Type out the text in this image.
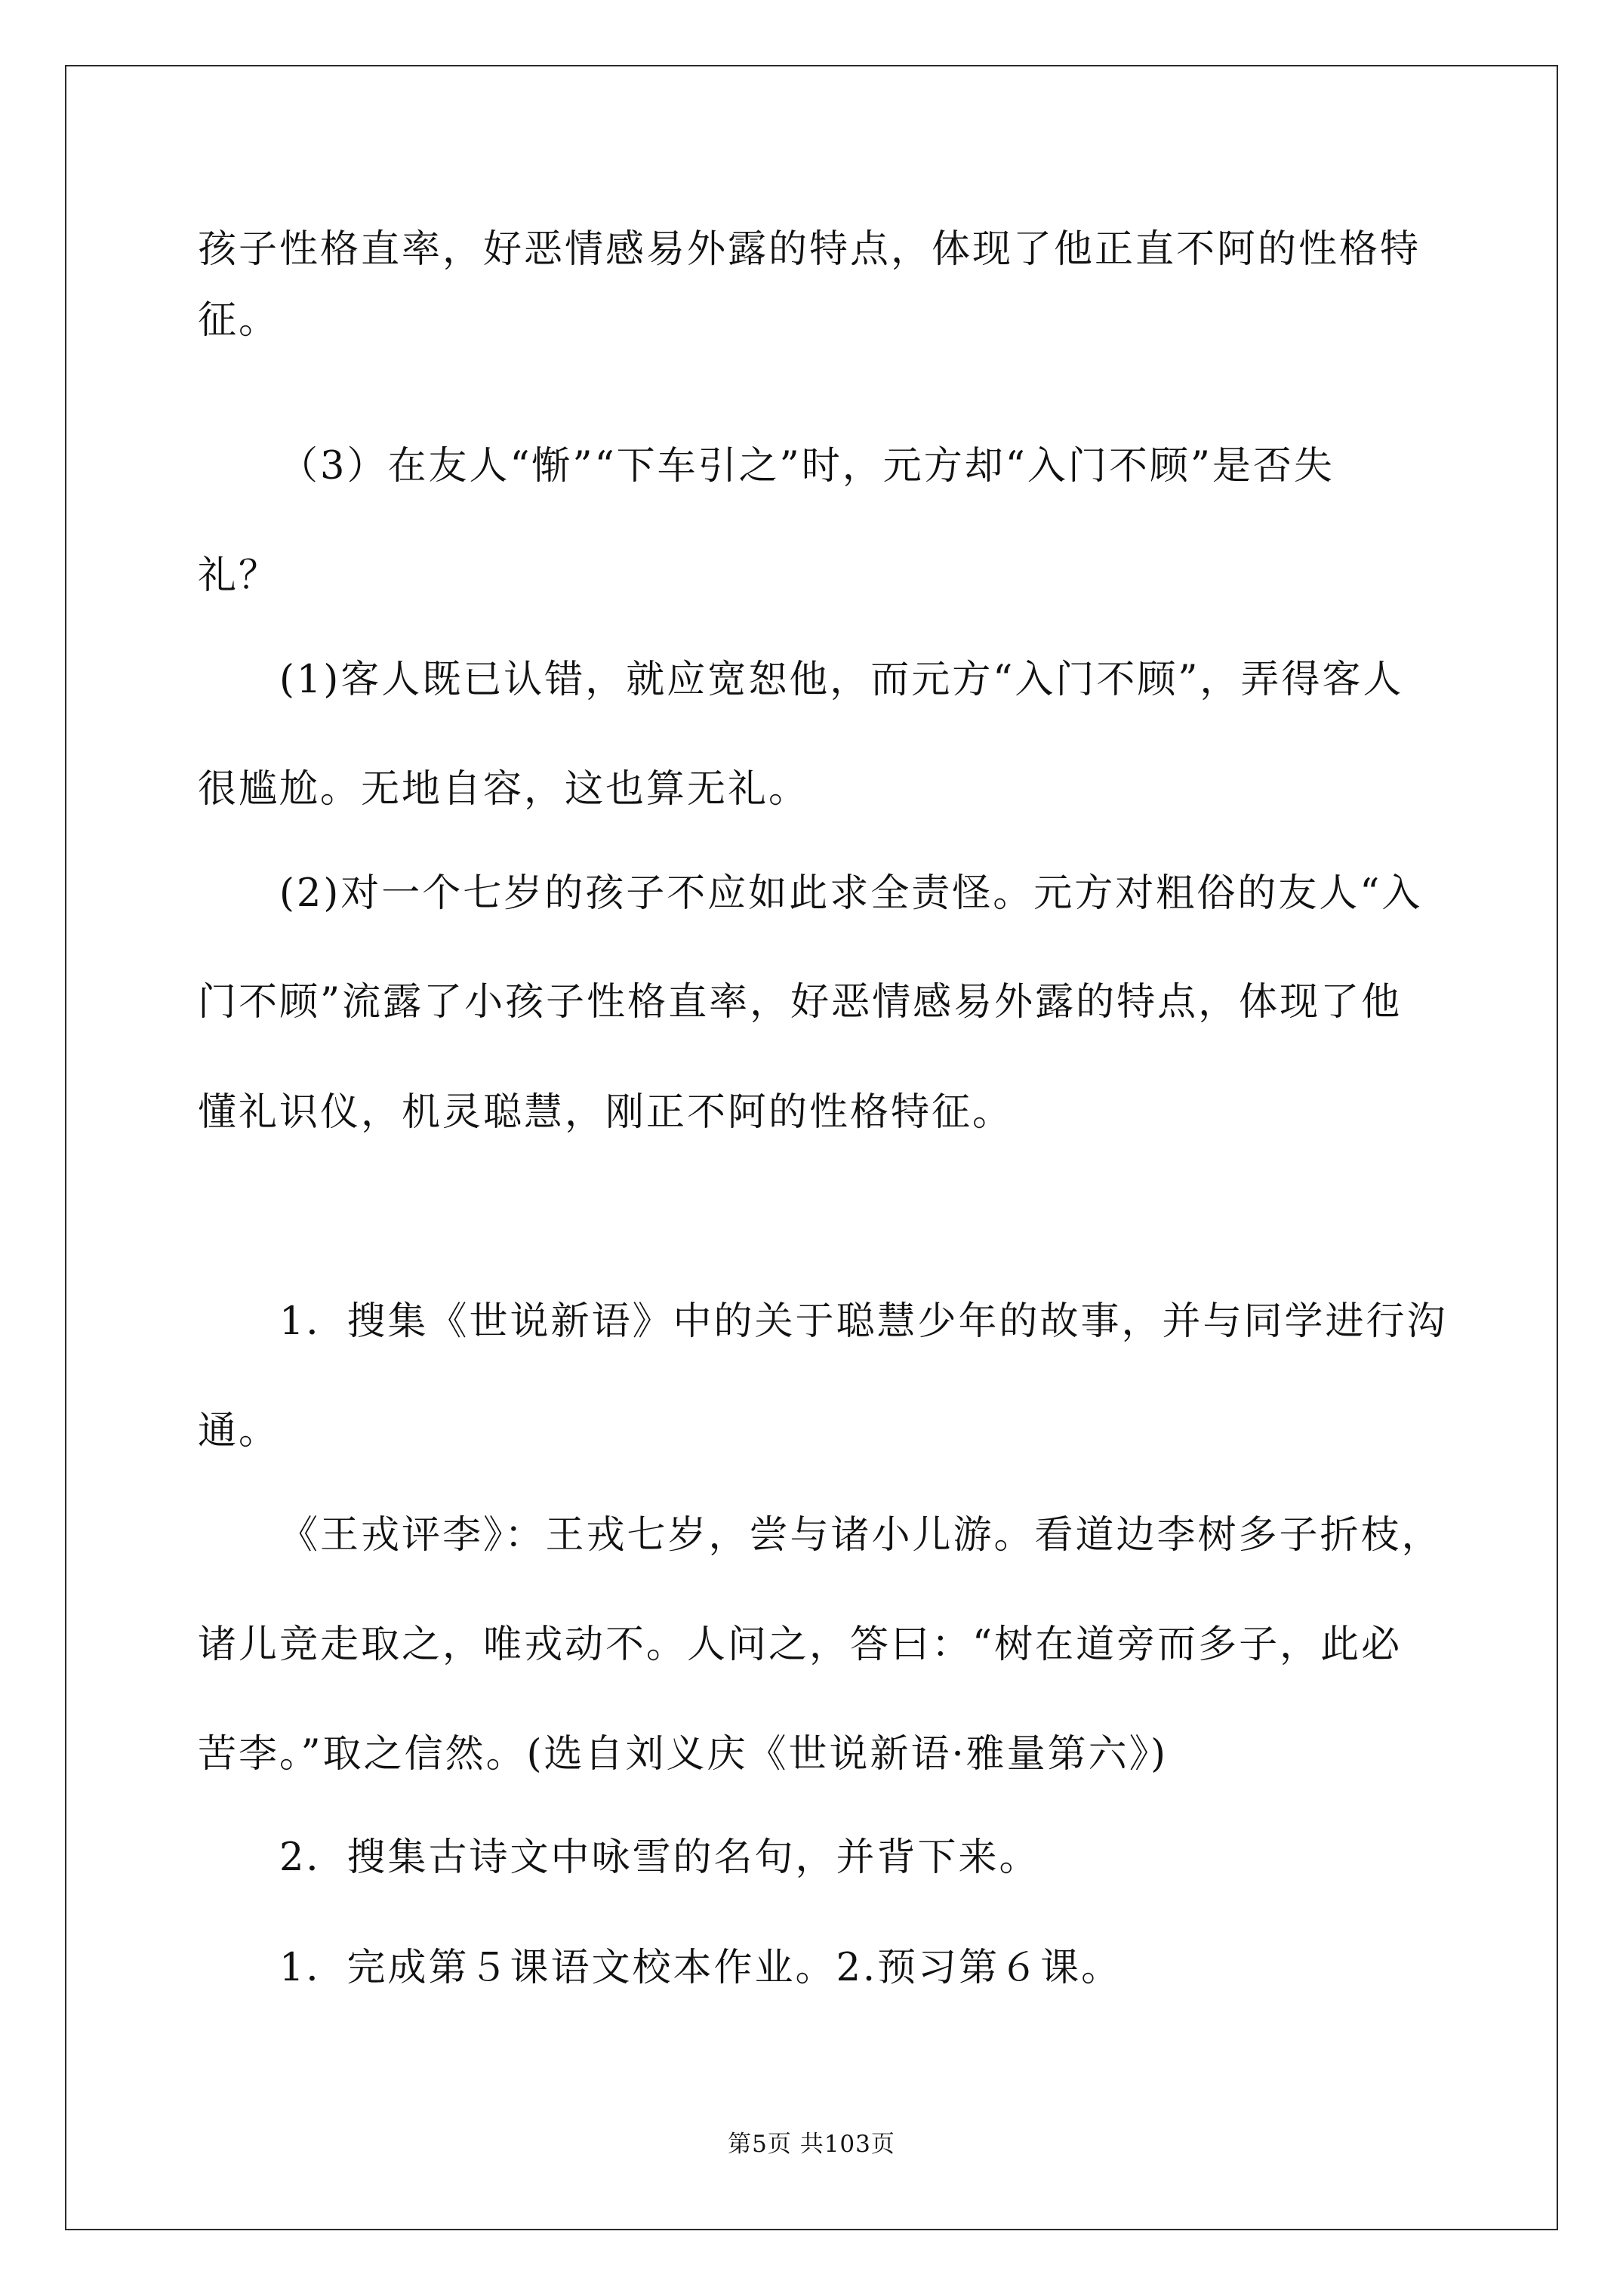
孩子性格直率，好恶情感易外露的特点，体现了他正直不阿的性格特

征。

（3）在友人“惭”“下车引之”时，元方却“入门不顾”是否失

礼？

(1)客人既已认错，就应宽恕他，而元方“入门不顾”，弄得客人

很尴尬。无地自容，这也算无礼。

(2)对一个七岁的孩子不应如此求全责怪。元方对粗俗的友人“入

门不顾”流露了小孩子性格直率，好恶情感易外露的特点，体现了他

懂礼识仪，机灵聪慧，刚正不阿的性格特征。

1．搜集《世说新语》中的关于聪慧少年的故事，并与同学进行沟

通。

《王戎评李》：王戎七岁，尝与诸小儿游。看道边李树多子折枝，

诸儿竞走取之，唯戎动不。人问之，答曰：“树在道旁而多子，此必

苦李。”取之信然。(选自刘义庆《世说新语·雅量第六》)

2．搜集古诗文中咏雪的名句，并背下来。

1．完成第５课语文校本作业。2.预习第６课。

第5页 共103页
